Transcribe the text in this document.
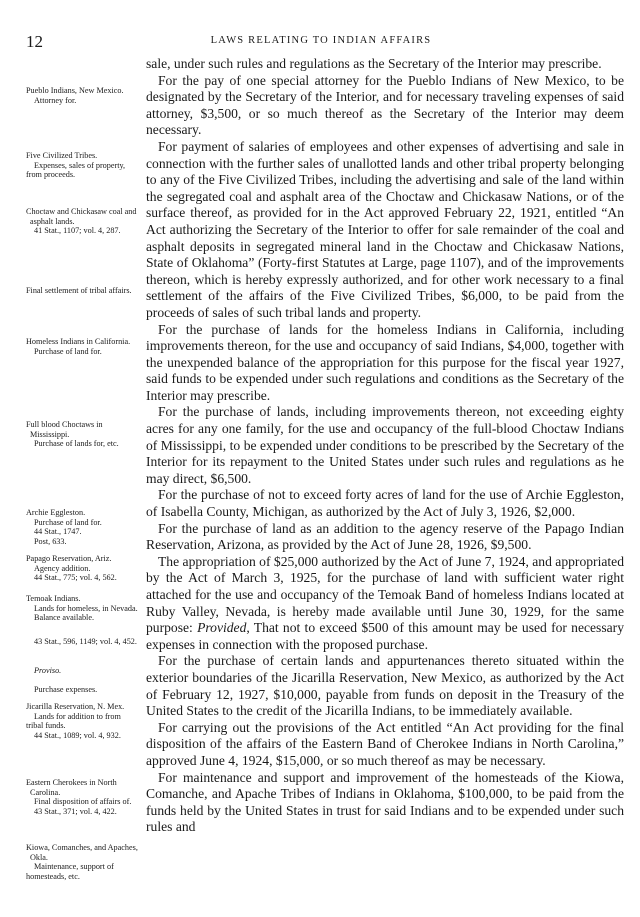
12	LAWS RELATING TO INDIAN AFFAIRS

sale, under such rules and regulations as the Secretary of the Interior may prescribe.

For the pay of one special attorney for the Pueblo Indians of New Mexico, to be designated by the Secretary of the Interior, and for necessary traveling expenses of said attorney, $3,500, or so much thereof as the Secretary of the Interior may deem necessary.

For payment of salaries of employees and other expenses of advertising and sale in connection with the further sales of unallotted lands and other tribal property belonging to any of the Five Civilized Tribes, including the advertising and sale of the land within the segregated coal and asphalt area of the Choctaw and Chickasaw Nations, or of the surface thereof, as provided for in the Act approved February 22, 1921, entitled “An Act authorizing the Secretary of the Interior to offer for sale remainder of the coal and asphalt deposits in segregated mineral land in the Choctaw and Chickasaw Nations, State of Oklahoma” (Forty-first Statutes at Large, page 1107), and of the improvements thereon, which is hereby expressly authorized, and for other work necessary to a final settlement of the affairs of the Five Civilized Tribes, $6,000, to be paid from the proceeds of sales of such tribal lands and property.

For the purchase of lands for the homeless Indians in California, including improvements thereon, for the use and occupancy of said Indians, $4,000, together with the unexpended balance of the appropriation for this purpose for the fiscal year 1927, said funds to be expended under such regulations and conditions as the Secretary of the Interior may prescribe.

For the purchase of lands, including improvements thereon, not exceeding eighty acres for any one family, for the use and occupancy of the full-blood Choctaw Indians of Mississippi, to be expended under conditions to be prescribed by the Secretary of the Interior for its repayment to the United States under such rules and regulations as he may direct, $6,500.

For the purchase of not to exceed forty acres of land for the use of Archie Eggleston, of Isabella County, Michigan, as authorized by the Act of July 3, 1926, $2,000.

For the purchase of land as an addition to the agency reserve of the Papago Indian Reservation, Arizona, as provided by the Act of June 28, 1926, $9,500.

The appropriation of $25,000 authorized by the Act of June 7, 1924, and appropriated by the Act of March 3, 1925, for the purchase of land with sufficient water right attached for the use and occupancy of the Temoak Band of homeless Indians located at Ruby Valley, Nevada, is hereby made available until June 30, 1929, for the same purpose: Provided, That not to exceed $500 of this amount may be used for necessary expenses in connection with the proposed purchase.

For the purchase of certain lands and appurtenances thereto situated within the exterior boundaries of the Jicarilla Reservation, New Mexico, as authorized by the Act of February 12, 1927, $10,000, payable from funds on deposit in the Treasury of the United States to the credit of the Jicarilla Indians, to be immediately available.

For carrying out the provisions of the Act entitled “An Act providing for the final disposition of the affairs of the Eastern Band of Cherokee Indians in North Carolina,” approved June 4, 1924, $15,000, or so much thereof as may be necessary.

For maintenance and support and improvement of the homesteads of the Kiowa, Comanche, and Apache Tribes of Indians in Oklahoma, $100,000, to be paid from the funds held by the United States in trust for said Indians and to be expended under such rules and

Pueblo Indians, New Mexico.
Attorney for.
Five Civilized Tribes.
Expenses, sales of property, from proceeds.
Choctaw and Chickasaw coal and asphalt lands.
41 Stat., 1107; vol. 4, 287.
Final settlement of tribal affairs.
Homeless Indians in California.
Purchase of land for.
Full blood Choctaws in Mississippi.
Purchase of lands for, etc.
Archie Eggleston.
Purchase of land for.
44 Stat., 1747.
Post, 633.
Papago Reservation, Ariz.
Agency addition.
44 Stat., 775; vol. 4, 562.
Temoak Indians.
Lands for homeless, in Nevada.
Balance available.
43 Stat., 596, 1149; vol. 4, 452.
Proviso.
Purchase expenses.
Jicarilla Reservation, N. Mex.
Lands for addition to from tribal funds.
44 Stat., 1089; vol. 4, 932.
Eastern Cherokees in North Carolina.
Final disposition of affairs of.
43 Stat., 371; vol. 4, 422.
Kiowa, Comanches, and Apaches, Okla.
Maintenance, support of homesteads, etc.
